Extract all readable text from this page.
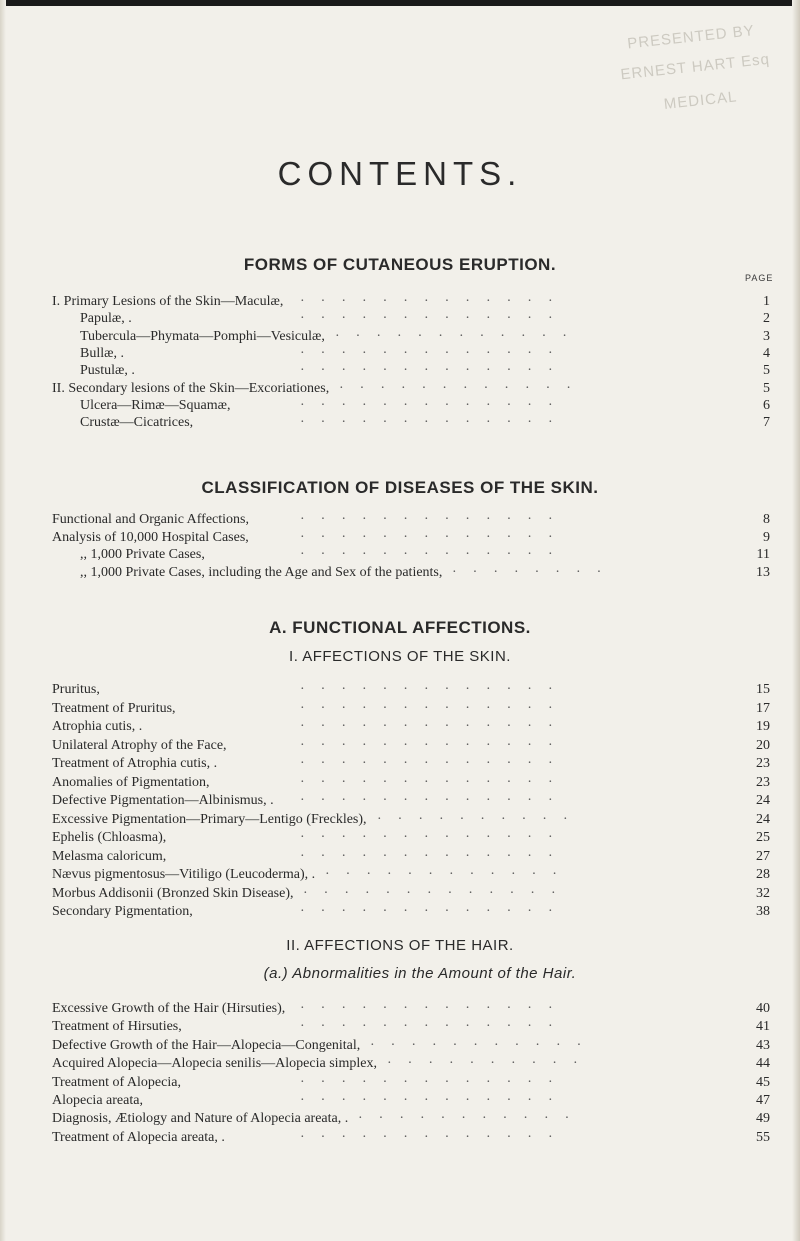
PRESENTED BY
ERNEST HART Esq
MEDICAL
CONTENTS.
PAGE
FORMS OF CUTANEOUS ERUPTION.
I. Primary Lesions of the Skin—Maculæ,	1
· · · · · · · · · · · · · 
Papulæ, .	2
· · · · · · · · · · · · · 
Tubercula—Phymata—Pomphi—Vesiculæ,	3
· · · · · · · · · · · · 
Bullæ, .	4
· · · · · · · · · · · · · 
Pustulæ, .	5
· · · · · · · · · · · · · 
II. Secondary lesions of the Skin—Excoriationes,	5
· · · · · · · · · · · · 
Ulcera—Rimæ—Squamæ,	6
· · · · · · · · · · · · · 
Crustæ—Cicatrices,	7
· · · · · · · · · · · · · 
CLASSIFICATION OF DISEASES OF THE SKIN.
Functional and Organic Affections,	8
· · · · · · · · · · · · · 
Analysis of 10,000 Hospital Cases,	9
· · · · · · · · · · · · · 
,, 1,000 Private Cases,	11
· · · · · · · · · · · · · 
,, 1,000 Private Cases, including the Age and Sex of the patients,	13
· · · · · · · · 
A. FUNCTIONAL AFFECTIONS.
I. AFFECTIONS OF THE SKIN.
Pruritus,	15
· · · · · · · · · · · · · 
Treatment of Pruritus,	17
· · · · · · · · · · · · · 
Atrophia cutis, .	19
· · · · · · · · · · · · · 
Unilateral Atrophy of the Face,	20
· · · · · · · · · · · · · 
Treatment of Atrophia cutis, .	23
· · · · · · · · · · · · · 
Anomalies of Pigmentation,	23
· · · · · · · · · · · · · 
Defective Pigmentation—Albinismus, .	24
· · · · · · · · · · · · · 
Excessive Pigmentation—Primary—Lentigo (Freckles),	24
· · · · · · · · · · 
Ephelis (Chloasma),	25
· · · · · · · · · · · · · 
Melasma caloricum,	27
· · · · · · · · · · · · · 
Nævus pigmentosus—Vitiligo (Leucoderma), .	28
· · · · · · · · · · · · 
Morbus Addisonii (Bronzed Skin Disease),	32
· · · · · · · · · · · · · 
Secondary Pigmentation,	38
· · · · · · · · · · · · · 
II. AFFECTIONS OF THE HAIR.
(a.) Abnormalities in the Amount of the Hair.
Excessive Growth of the Hair (Hirsuties),	40
· · · · · · · · · · · · · 
Treatment of Hirsuties,	41
· · · · · · · · · · · · · 
Defective Growth of the Hair—Alopecia—Congenital,	43
· · · · · · · · · · · 
Acquired Alopecia—Alopecia senilis—Alopecia simplex,	44
· · · · · · · · · · 
Treatment of Alopecia,	45
· · · · · · · · · · · · · 
Alopecia areata,	47
· · · · · · · · · · · · · 
Diagnosis, Ætiology and Nature of Alopecia areata, .	49
· · · · · · · · · · · 
Treatment of Alopecia areata, .	55
· · · · · · · · · · · · · 
